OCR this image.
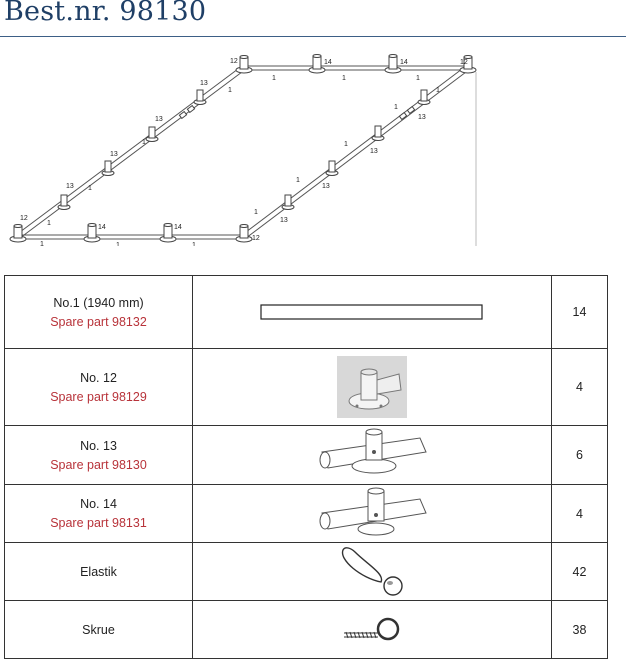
Best.nr. 98130
12	14	14	12
1	1	1
13
1
13
1
13
1
13
1
12
1
14
1
14
1
12
1
13
1
13
1
13
1
13
1
No.1 (1940 mm)
Spare part 98132		14
No. 12
Spare part 98129		4
No. 13
Spare part 98130		6
No. 14
Spare part 98131		4
Elastik		42
Skrue		38
